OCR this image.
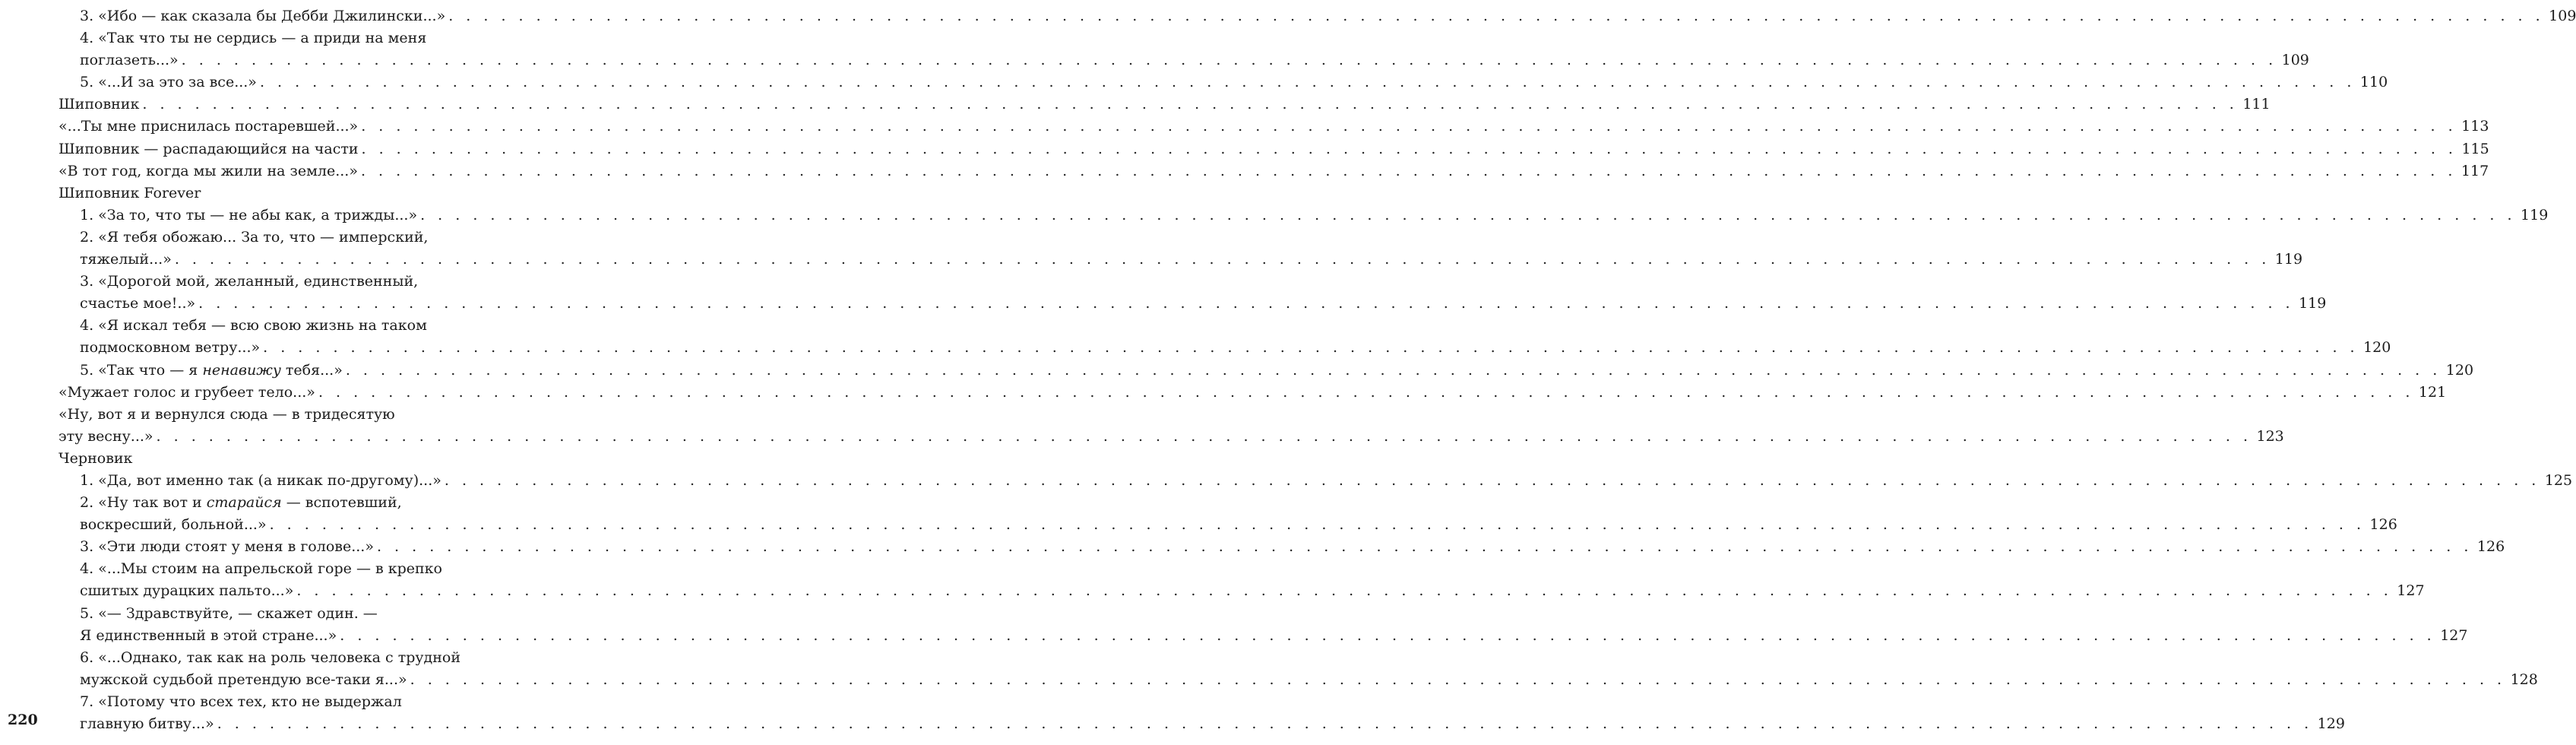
3. «Ибо — как сказала бы Дебби Джилински...» . . . . . . . . . . . . . . . . . . . . . . . . . . . . . . . . . . . . . . . . . . . . . . . . . . . . . . . . . . . . . . . . . . . . . . . . . . . . . . . . . . . . . . . . . . . . . . . . . . . . . . . . . . . . . . . . . . . . . . . . 109
4. «Так что ты не сердись — а приди на меня
поглазеть...» . . . . . . . . . . . . . . . . . . . . . . . . . . . . . . . . . . . . . . . . . . . . . . . . . . . . . . . . . . . . . . . . . . . . . . . . . . . . . . . . . . . . . . . . . . . . . . . . . . . . . . . . . . . . . . . . . . . . . . . . 109
5. «...И за это за все...» . . . . . . . . . . . . . . . . . . . . . . . . . . . . . . . . . . . . . . . . . . . . . . . . . . . . . . . . . . . . . . . . . . . . . . . . . . . . . . . . . . . . . . . . . . . . . . . . . . . . . . . . . . . . . . . . . . . . . . . . 110
Шиповник . . . . . . . . . . . . . . . . . . . . . . . . . . . . . . . . . . . . . . . . . . . . . . . . . . . . . . . . . . . . . . . . . . . . . . . . . . . . . . . . . . . . . . . . . . . . . . . . . . . . . . . . . . . . . . . . . . . . . . . . 111
«...Ты мне приснилась постаревшей...» . . . . . . . . . . . . . . . . . . . . . . . . . . . . . . . . . . . . . . . . . . . . . . . . . . . . . . . . . . . . . . . . . . . . . . . . . . . . . . . . . . . . . . . . . . . . . . . . . . . . . . . . . . . . . . . . . . . . . . . . 113
Шиповник — распадающийся на части . . . . . . . . . . . . . . . . . . . . . . . . . . . . . . . . . . . . . . . . . . . . . . . . . . . . . . . . . . . . . . . . . . . . . . . . . . . . . . . . . . . . . . . . . . . . . . . . . . . . . . . . . . . . . . . . . . . . . . . . 115
«В тот год, когда мы жили на земле...» . . . . . . . . . . . . . . . . . . . . . . . . . . . . . . . . . . . . . . . . . . . . . . . . . . . . . . . . . . . . . . . . . . . . . . . . . . . . . . . . . . . . . . . . . . . . . . . . . . . . . . . . . . . . . . . . . . . . . . . . 117
Шиповник Forever
1. «За то, что ты — не абы как, а трижды...» . . . . . . . . . . . . . . . . . . . . . . . . . . . . . . . . . . . . . . . . . . . . . . . . . . . . . . . . . . . . . . . . . . . . . . . . . . . . . . . . . . . . . . . . . . . . . . . . . . . . . . . . . . . . . . . . . . . . . . . . 119
2. «Я тебя обожаю... За то, что — имперский,
тяжелый...» . . . . . . . . . . . . . . . . . . . . . . . . . . . . . . . . . . . . . . . . . . . . . . . . . . . . . . . . . . . . . . . . . . . . . . . . . . . . . . . . . . . . . . . . . . . . . . . . . . . . . . . . . . . . . . . . . . . . . . . . 119
3. «Дорогой мой, желанный, единственный,
счастье мое!..» . . . . . . . . . . . . . . . . . . . . . . . . . . . . . . . . . . . . . . . . . . . . . . . . . . . . . . . . . . . . . . . . . . . . . . . . . . . . . . . . . . . . . . . . . . . . . . . . . . . . . . . . . . . . . . . . . . . . . . . . 119
4. «Я искал тебя — всю свою жизнь на таком
подмосковном ветру...» . . . . . . . . . . . . . . . . . . . . . . . . . . . . . . . . . . . . . . . . . . . . . . . . . . . . . . . . . . . . . . . . . . . . . . . . . . . . . . . . . . . . . . . . . . . . . . . . . . . . . . . . . . . . . . . . . . . . . . . . 120
5. «Так что — я ненавижу тебя...» . . . . . . . . . . . . . . . . . . . . . . . . . . . . . . . . . . . . . . . . . . . . . . . . . . . . . . . . . . . . . . . . . . . . . . . . . . . . . . . . . . . . . . . . . . . . . . . . . . . . . . . . . . . . . . . . . . . . . . . . 120
«Мужает голос и грубеет тело...» . . . . . . . . . . . . . . . . . . . . . . . . . . . . . . . . . . . . . . . . . . . . . . . . . . . . . . . . . . . . . . . . . . . . . . . . . . . . . . . . . . . . . . . . . . . . . . . . . . . . . . . . . . . . . . . . . . . . . . . . 121
«Ну, вот я и вернулся сюда — в тридесятую
эту весну...» . . . . . . . . . . . . . . . . . . . . . . . . . . . . . . . . . . . . . . . . . . . . . . . . . . . . . . . . . . . . . . . . . . . . . . . . . . . . . . . . . . . . . . . . . . . . . . . . . . . . . . . . . . . . . . . . . . . . . . . . 123
Черновик
1. «Да, вот именно так (а никак по-другому)...» . . . . . . . . . . . . . . . . . . . . . . . . . . . . . . . . . . . . . . . . . . . . . . . . . . . . . . . . . . . . . . . . . . . . . . . . . . . . . . . . . . . . . . . . . . . . . . . . . . . . . . . . . . . . . . . . . . . . . . . . 125
2. «Ну так вот и старайся — вспотевший,
воскресший, больной...» . . . . . . . . . . . . . . . . . . . . . . . . . . . . . . . . . . . . . . . . . . . . . . . . . . . . . . . . . . . . . . . . . . . . . . . . . . . . . . . . . . . . . . . . . . . . . . . . . . . . . . . . . . . . . . . . . . . . . . . . 126
3. «Эти люди стоят у меня в голове...» . . . . . . . . . . . . . . . . . . . . . . . . . . . . . . . . . . . . . . . . . . . . . . . . . . . . . . . . . . . . . . . . . . . . . . . . . . . . . . . . . . . . . . . . . . . . . . . . . . . . . . . . . . . . . . . . . . . . . . . . 126
4. «...Мы стоим на апрельской горе — в крепко
сшитых дурацких пальто...» . . . . . . . . . . . . . . . . . . . . . . . . . . . . . . . . . . . . . . . . . . . . . . . . . . . . . . . . . . . . . . . . . . . . . . . . . . . . . . . . . . . . . . . . . . . . . . . . . . . . . . . . . . . . . . . . . . . . . . . . 127
5. «— Здравствуйте, — скажет один. —
Я единственный в этой стране...» . . . . . . . . . . . . . . . . . . . . . . . . . . . . . . . . . . . . . . . . . . . . . . . . . . . . . . . . . . . . . . . . . . . . . . . . . . . . . . . . . . . . . . . . . . . . . . . . . . . . . . . . . . . . . . . . . . . . . . . . 127
6. «...Однако, так как на роль человека с трудной
мужской судьбой претендую все-таки я...» . . . . . . . . . . . . . . . . . . . . . . . . . . . . . . . . . . . . . . . . . . . . . . . . . . . . . . . . . . . . . . . . . . . . . . . . . . . . . . . . . . . . . . . . . . . . . . . . . . . . . . . . . . . . . . . . . . . . . . . . 128
7. «Потому что всех тех, кто не выдержал
главную битву...» . . . . . . . . . . . . . . . . . . . . . . . . . . . . . . . . . . . . . . . . . . . . . . . . . . . . . . . . . . . . . . . . . . . . . . . . . . . . . . . . . . . . . . . . . . . . . . . . . . . . . . . . . . . . . . . . . . . . . . . . 129
220
